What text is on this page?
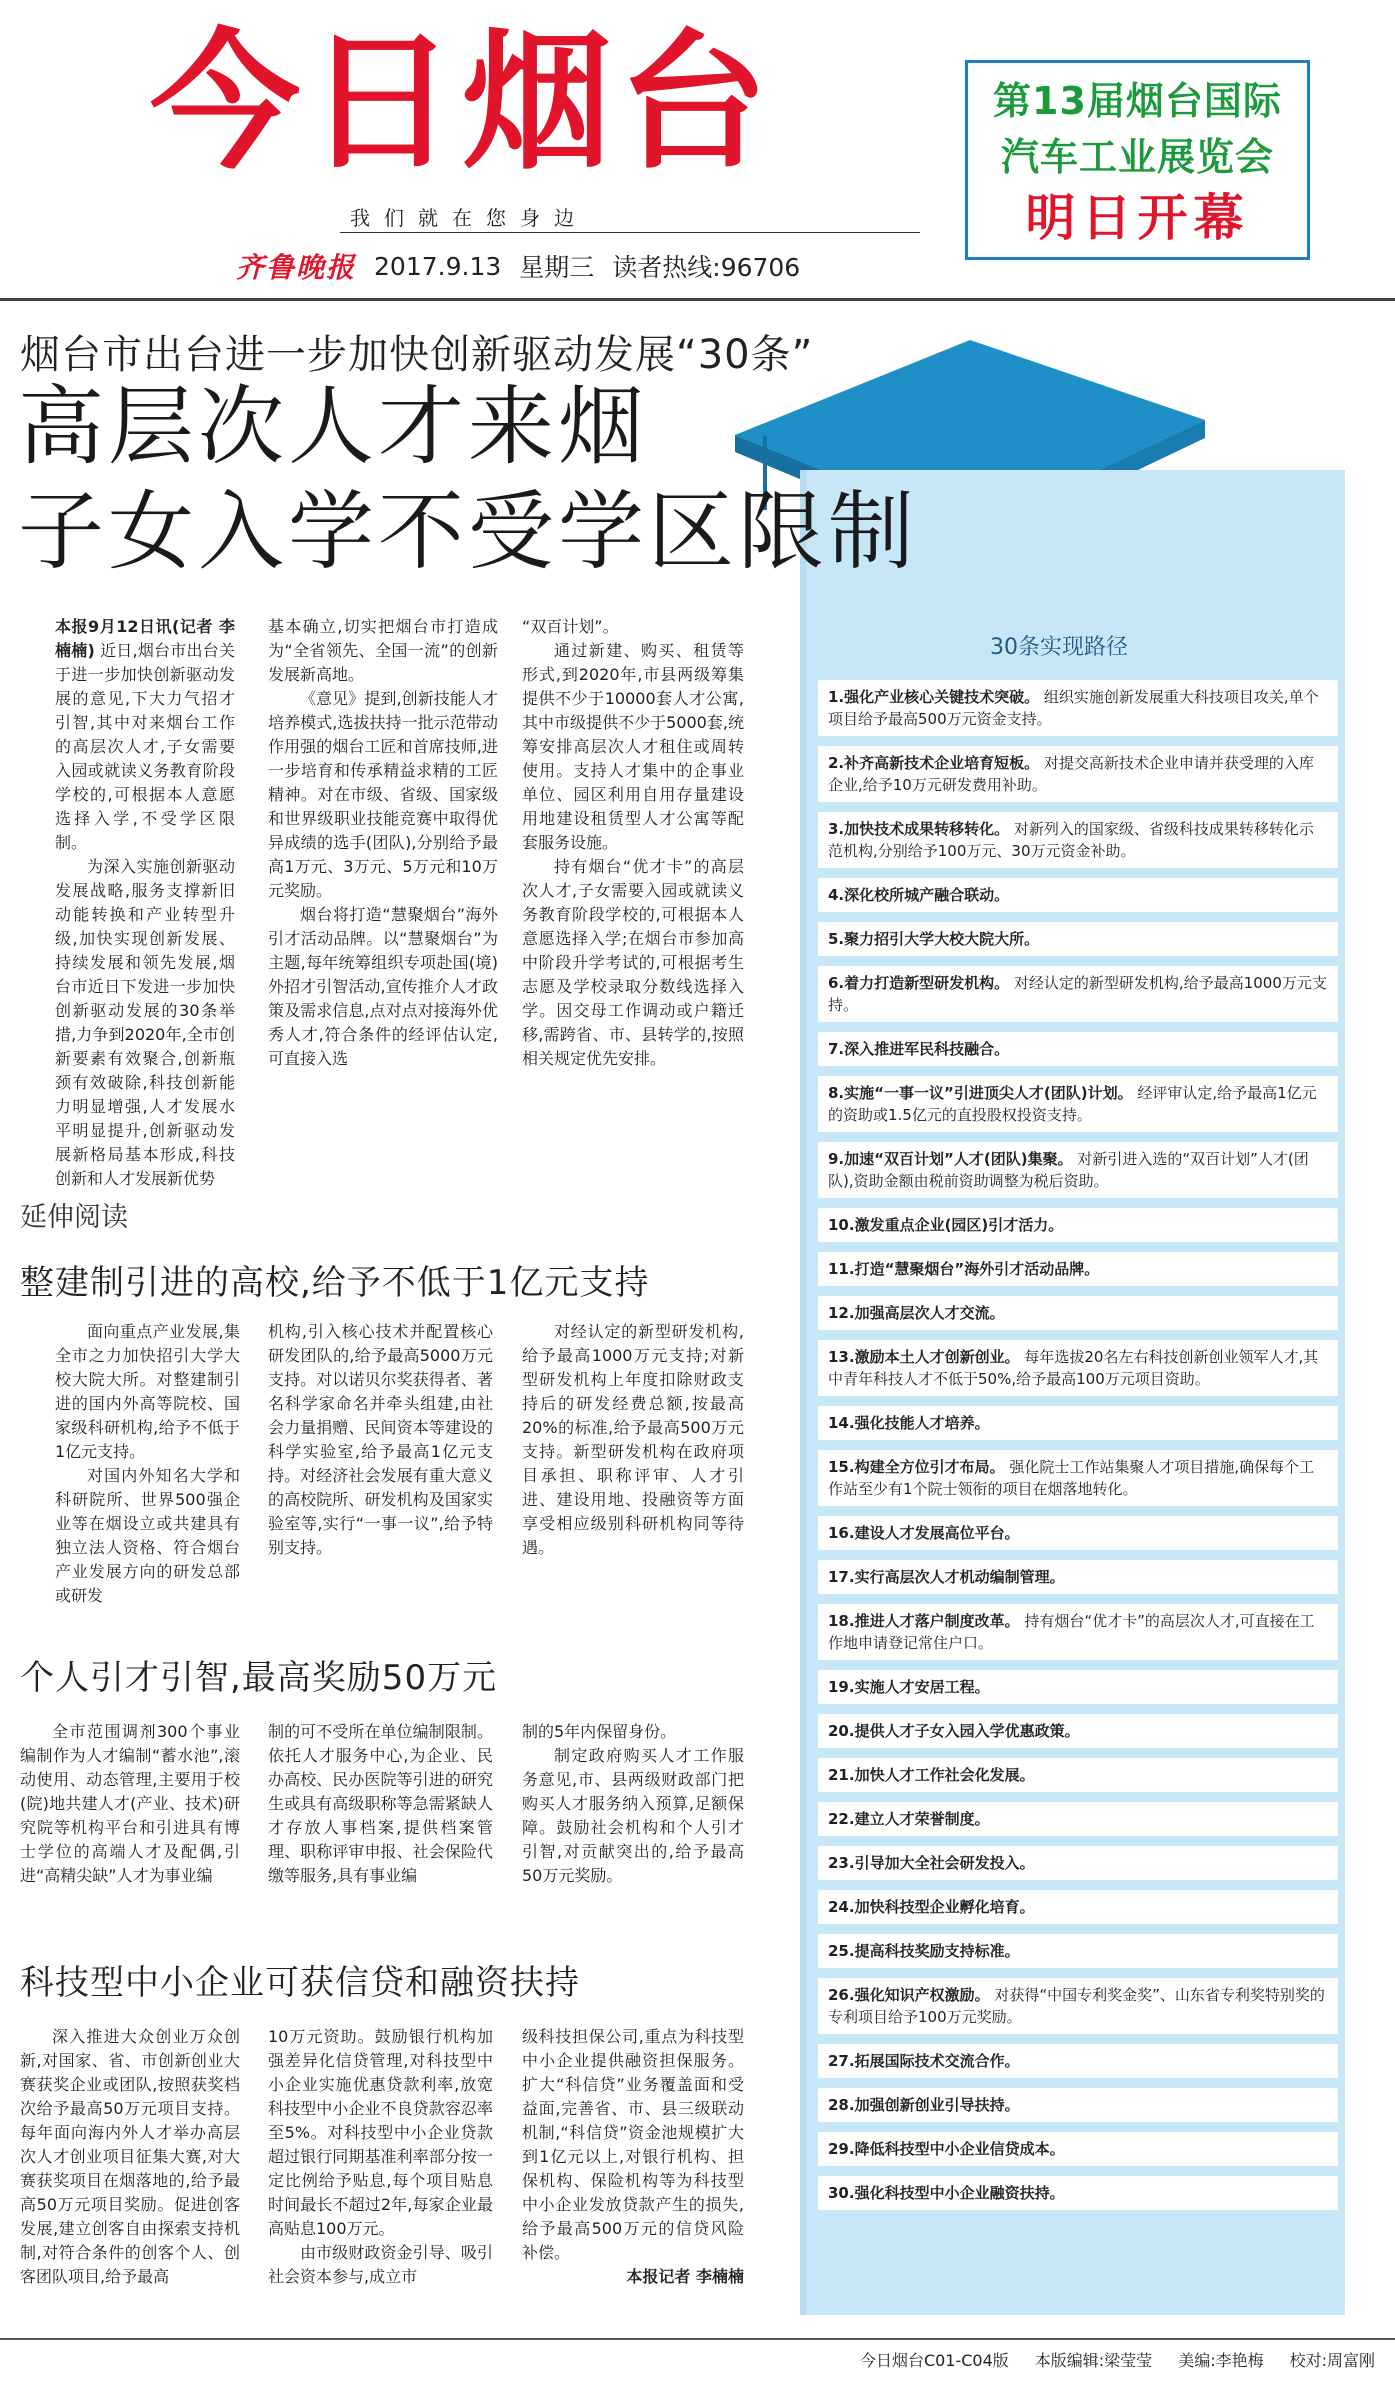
今日烟台
我们就在您身边
齐鲁晚报 2017.9.13 星期三 读者热线:96706
第13届烟台国际
汽车工业展览会
明日开幕
30条实现路径
烟台市出台进一步加快创新驱动发展“30条”
高层次人才来烟
子女入学不受学区限制

本报9月12日讯(记者 李楠楠) 近日,烟台市出台关于进一步加快创新驱动发展的意见,下大力气招才引智,其中对来烟台工作的高层次人才,子女需要入园或就读义务教育阶段学校的,可根据本人意愿选择入学,不受学区限制。

为深入实施创新驱动发展战略,服务支撑新旧动能转换和产业转型升级,加快实现创新发展、持续发展和领先发展,烟台市近日下发进一步加快创新驱动发展的30条举措,力争到2020年,全市创新要素有效聚合,创新瓶颈有效破除,科技创新能力明显增强,人才发展水平明显提升,创新驱动发展新格局基本形成,科技创新和人才发展新优势

基本确立,切实把烟台市打造成为“全省领先、全国一流”的创新发展新高地。

《意见》提到,创新技能人才培养模式,选拔扶持一批示范带动作用强的烟台工匠和首席技师,进一步培育和传承精益求精的工匠精神。对在市级、省级、国家级和世界级职业技能竞赛中取得优异成绩的选手(团队),分别给予最高1万元、3万元、5万元和10万元奖励。

烟台将打造“慧聚烟台”海外引才活动品牌。以“慧聚烟台”为主题,每年统筹组织专项赴国(境)外招才引智活动,宣传推介人才政策及需求信息,点对点对接海外优秀人才,符合条件的经评估认定,可直接入选

“双百计划”。

通过新建、购买、租赁等形式,到2020年,市县两级筹集提供不少于10000套人才公寓,其中市级提供不少于5000套,统筹安排高层次人才租住或周转使用。支持人才集中的企事业单位、园区利用自用存量建设用地建设租赁型人才公寓等配套服务设施。

持有烟台“优才卡”的高层次人才,子女需要入园或就读义务教育阶段学校的,可根据本人意愿选择入学;在烟台市参加高中阶段升学考试的,可根据考生志愿及学校录取分数线选择入学。因交母工作调动或户籍迁移,需跨省、市、县转学的,按照相关规定优先安排。

延伸阅读
整建制引进的高校,给予不低于1亿元支持

面向重点产业发展,集全市之力加快招引大学大校大院大所。对整建制引进的国内外高等院校、国家级科研机构,给予不低于1亿元支持。

对国内外知名大学和科研院所、世界500强企业等在烟设立或共建具有独立法人资格、符合烟台产业发展方向的研发总部或研发

机构,引入核心技术并配置核心研发团队的,给予最高5000万元支持。对以诺贝尔奖获得者、著名科学家命名并牵头组建,由社会力量捐赠、民间资本等建设的科学实验室,给予最高1亿元支持。对经济社会发展有重大意义的高校院所、研发机构及国家实验室等,实行“一事一议”,给予特别支持。

对经认定的新型研发机构,给予最高1000万元支持;对新型研发机构上年度扣除财政支持后的研发经费总额,按最高20%的标准,给予最高500万元支持。新型研发机构在政府项目承担、职称评审、人才引进、建设用地、投融资等方面享受相应级别科研机构同等待遇。

个人引才引智,最高奖励50万元

全市范围调剂300个事业编制作为人才编制“蓄水池”,滚动使用、动态管理,主要用于校(院)地共建人才(产业、技术)研究院等机构平台和引进具有博士学位的高端人才及配偶,引进“高精尖缺”人才为事业编

制的可不受所在单位编制限制。依托人才服务中心,为企业、民办高校、民办医院等引进的研究生或具有高级职称等急需紧缺人才存放人事档案,提供档案管理、职称评审申报、社会保险代缴等服务,具有事业编

制的5年内保留身份。

制定政府购买人才工作服务意见,市、县两级财政部门把购买人才服务纳入预算,足额保障。鼓励社会机构和个人引才引智,对贡献突出的,给予最高50万元奖励。

科技型中小企业可获信贷和融资扶持

深入推进大众创业万众创新,对国家、省、市创新创业大赛获奖企业或团队,按照获奖档次给予最高50万元项目支持。每年面向海内外人才举办高层次人才创业项目征集大赛,对大赛获奖项目在烟落地的,给予最高50万元项目奖励。促进创客发展,建立创客自由探索支持机制,对符合条件的创客个人、创客团队项目,给予最高

10万元资助。鼓励银行机构加强差异化信贷管理,对科技型中小企业实施优惠贷款利率,放宽科技型中小企业不良贷款容忍率至5%。对科技型中小企业贷款超过银行同期基准利率部分按一定比例给予贴息,每个项目贴息时间最长不超过2年,每家企业最高贴息100万元。

由市级财政资金引导、吸引社会资本参与,成立市

级科技担保公司,重点为科技型中小企业提供融资担保服务。扩大“科信贷”业务覆盖面和受益面,完善省、市、县三级联动机制,“科信贷”资金池规模扩大到1亿元以上,对银行机构、担保机构、保险机构等为科技型中小企业发放贷款产生的损失,给予最高500万元的信贷风险补偿。

本报记者 李楠楠

1.强化产业核心关键技术突破。 组织实施创新发展重大科技项目攻关,单个项目给予最高500万元资金支持。
2.补齐高新技术企业培育短板。 对提交高新技术企业申请并获受理的入库企业,给予10万元研发费用补助。
3.加快技术成果转移转化。 对新列入的国家级、省级科技成果转移转化示范机构,分别给予100万元、30万元资金补助。
4.深化校所城产融合联动。
5.聚力招引大学大校大院大所。
6.着力打造新型研发机构。 对经认定的新型研发机构,给予最高1000万元支持。
7.深入推进军民科技融合。
8.实施“一事一议”引进顶尖人才(团队)计划。 经评审认定,给予最高1亿元的资助或1.5亿元的直投股权投资支持。
9.加速“双百计划”人才(团队)集聚。 对新引进入选的“双百计划”人才(团队),资助金额由税前资助调整为税后资助。
10.激发重点企业(园区)引才活力。
11.打造“慧聚烟台”海外引才活动品牌。
12.加强高层次人才交流。
13.激励本土人才创新创业。 每年选拔20名左右科技创新创业领军人才,其中青年科技人才不低于50%,给予最高100万元项目资助。
14.强化技能人才培养。
15.构建全方位引才布局。 强化院士工作站集聚人才项目措施,确保每个工作站至少有1个院士领衔的项目在烟落地转化。
16.建设人才发展高位平台。
17.实行高层次人才机动编制管理。
18.推进人才落户制度改革。 持有烟台“优才卡”的高层次人才,可直接在工作地申请登记常住户口。
19.实施人才安居工程。
20.提供人才子女入园入学优惠政策。
21.加快人才工作社会化发展。
22.建立人才荣誉制度。
23.引导加大全社会研发投入。
24.加快科技型企业孵化培育。
25.提高科技奖励支持标准。
26.强化知识产权激励。 对获得“中国专利奖金奖”、山东省专利奖特别奖的专利项目给予100万元奖励。
27.拓展国际技术交流合作。
28.加强创新创业引导扶持。
29.降低科技型中小企业信贷成本。
30.强化科技型中小企业融资扶持。
今日烟台C01-C04版 本版编辑:梁莹莹 美编:李艳梅 校对:周富刚
